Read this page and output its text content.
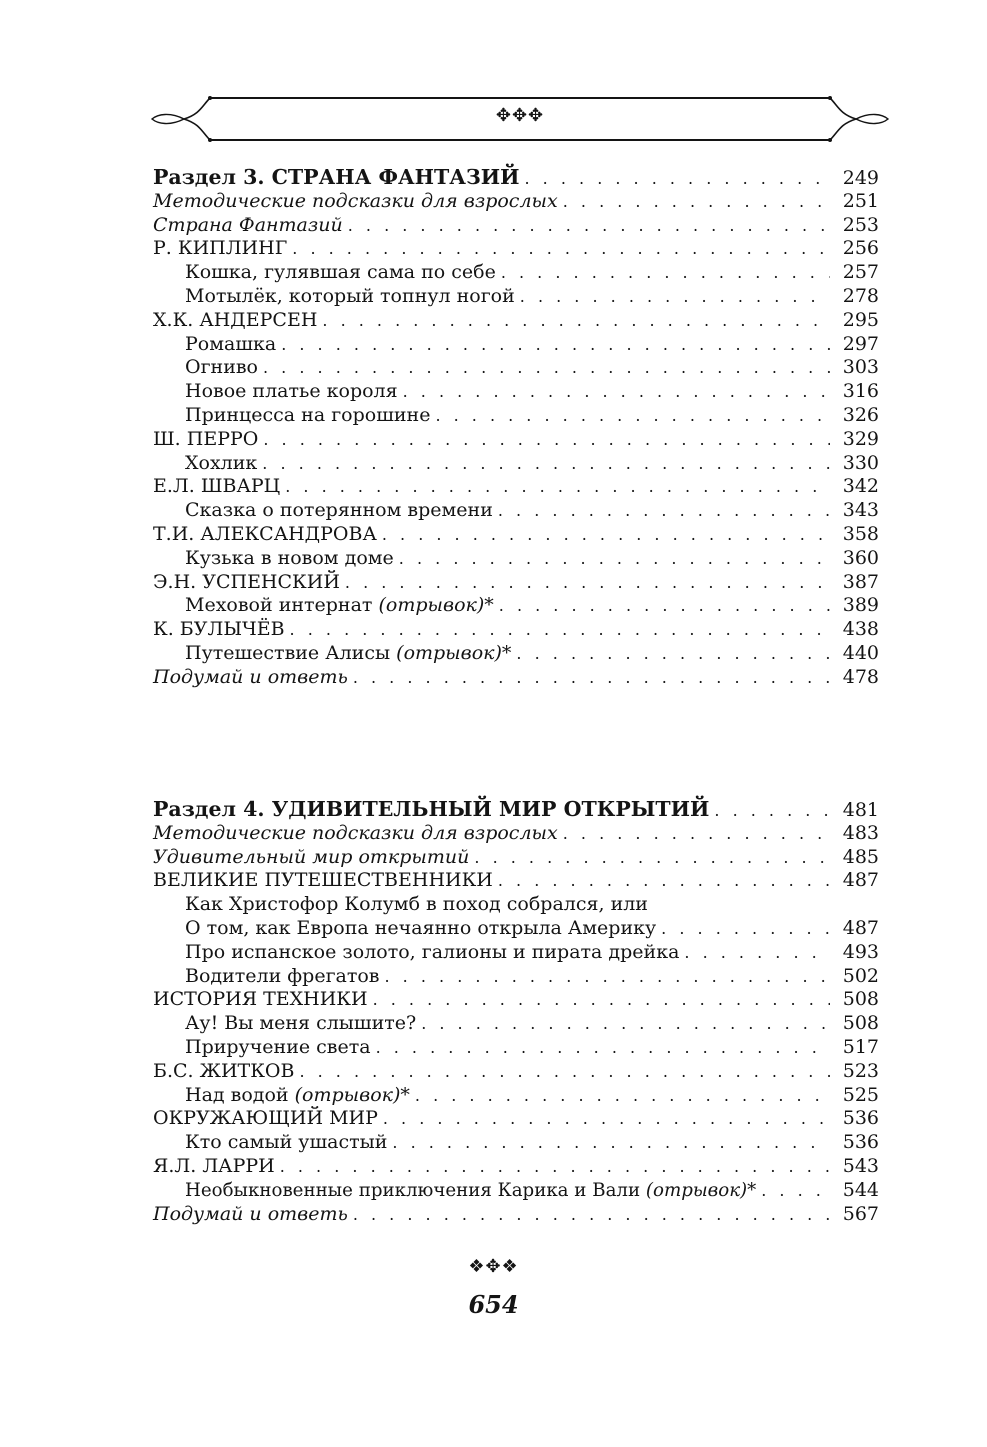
✥✥✥
Раздел 3. СТРАНА ФАНТАЗИЙ . . .	249
Методические подсказки для взрослых . . .	251
Страна Фантазий . . .	253
Р. КИПЛИНГ . . .	256
Кошка, гулявшая сама по себе . . .	257
Мотылёк, который топнул ногой . . .	278
Х.К. АНДЕРСЕН . . .	295
Ромашка . . .	297
Огниво . . .	303
Новое платье короля . . .	316
Принцесса на горошине . . .	326
Ш. ПЕРРО . . .	329
Хохлик . . .	330
Е.Л. ШВАРЦ . . .	342
Сказка о потерянном времени . . .	343
Т.И. АЛЕКСАНДРОВА . . .	358
Кузька в новом доме . . .	360
Э.Н. УСПЕНСКИЙ . . .	387
Меховой интернат (отрывок)* . . .	389
К. БУЛЫЧЁВ . . .	438
Путешествие Алисы (отрывок)* . . .	440
Подумай и ответь . . .	478
Раздел 4. УДИВИТЕЛЬНЫЙ МИР ОТКРЫТИЙ . . .	481
Методические подсказки для взрослых . . .	483
Удивительный мир открытий . . .	485
ВЕЛИКИЕ ПУТЕШЕСТВЕННИКИ . . .	487
Как Христофор Колумб в поход собрался, или
О том, как Европа нечаянно открыла Америку . . .	487
Про испанское золото, галионы и пирата дрейка . . .	493
Водители фрегатов . . .	502
ИСТОРИЯ ТЕХНИКИ . . .	508
Ау! Вы меня слышите? . . .	508
Приручение света . . .	517
Б.С. ЖИТКОВ . . .	523
Над водой (отрывок)* . . .	525
ОКРУЖАЮЩИЙ МИР . . .	536
Кто самый ушастый . . .	536
Я.Л. ЛАРРИ . . .	543
Необыкновенные приключения Карика и Вали (отрывок)* . . .	544
Подумай и ответь . . .	567
❖✥❖
654
